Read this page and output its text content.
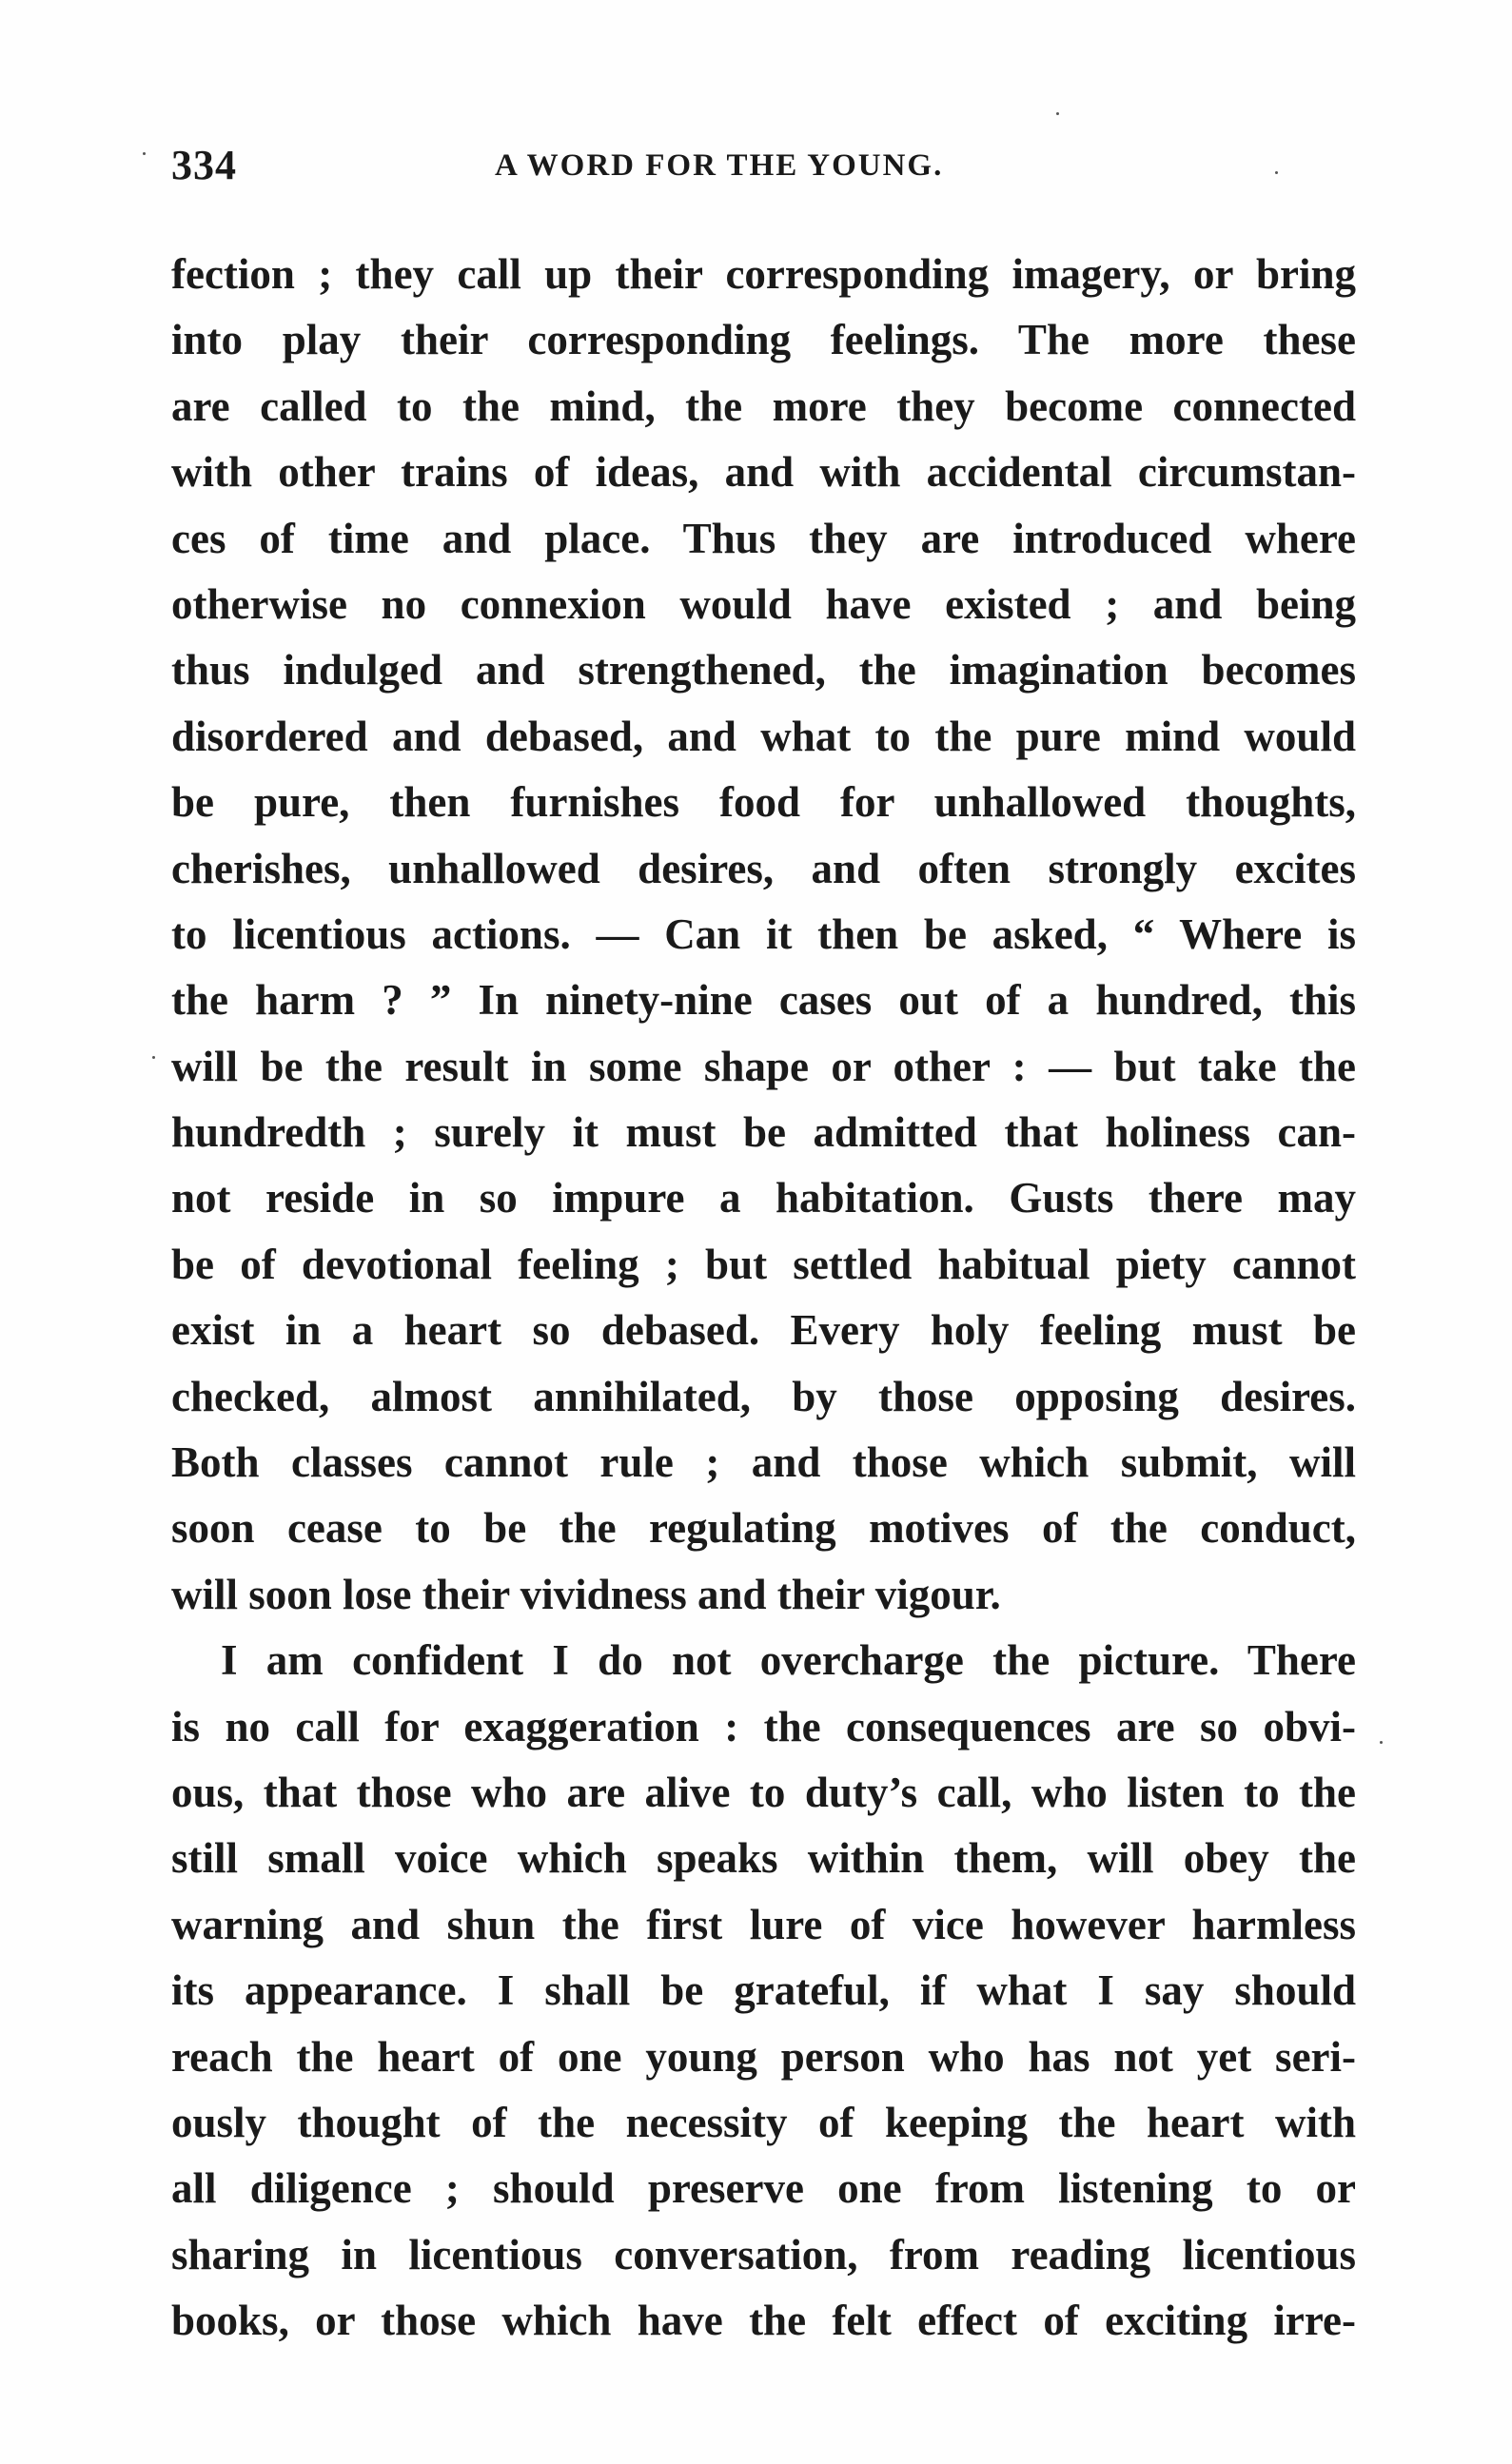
334	A WORD FOR THE YOUNG.
fection ; they call up their corresponding imagery, or bring
into play their corresponding feelings. The more these
are called to the mind, the more they become connected
with other trains of ideas, and with accidental circumstan-
ces of time and place. Thus they are introduced where
otherwise no connexion would have existed ; and being
thus indulged and strengthened, the imagination becomes
disordered and debased, and what to the pure mind would
be pure, then furnishes food for unhallowed thoughts,
cherishes, unhallowed desires, and often strongly excites
to licentious actions. — Can it then be asked, “ Where is
the harm ? ” In ninety-nine cases out of a hundred, this
will be the result in some shape or other : — but take the
hundredth ; surely it must be admitted that holiness can-
not reside in so impure a habitation. Gusts there may
be of devotional feeling ; but settled habitual piety cannot
exist in a heart so debased. Every holy feeling must be
checked, almost annihilated, by those opposing desires.
Both classes cannot rule ; and those which submit, will
soon cease to be the regulating motives of the conduct,
will soon lose their vividness and their vigour.
I am confident I do not overcharge the picture. There
is no call for exaggeration : the consequences are so obvi-
ous, that those who are alive to duty’s call, who listen to the
still small voice which speaks within them, will obey the
warning and shun the first lure of vice however harmless
its appearance. I shall be grateful, if what I say should
reach the heart of one young person who has not yet seri-
ously thought of the necessity of keeping the heart with
all diligence ; should preserve one from listening to or
sharing in licentious conversation, from reading licentious
books, or those which have the felt effect of exciting irre-
